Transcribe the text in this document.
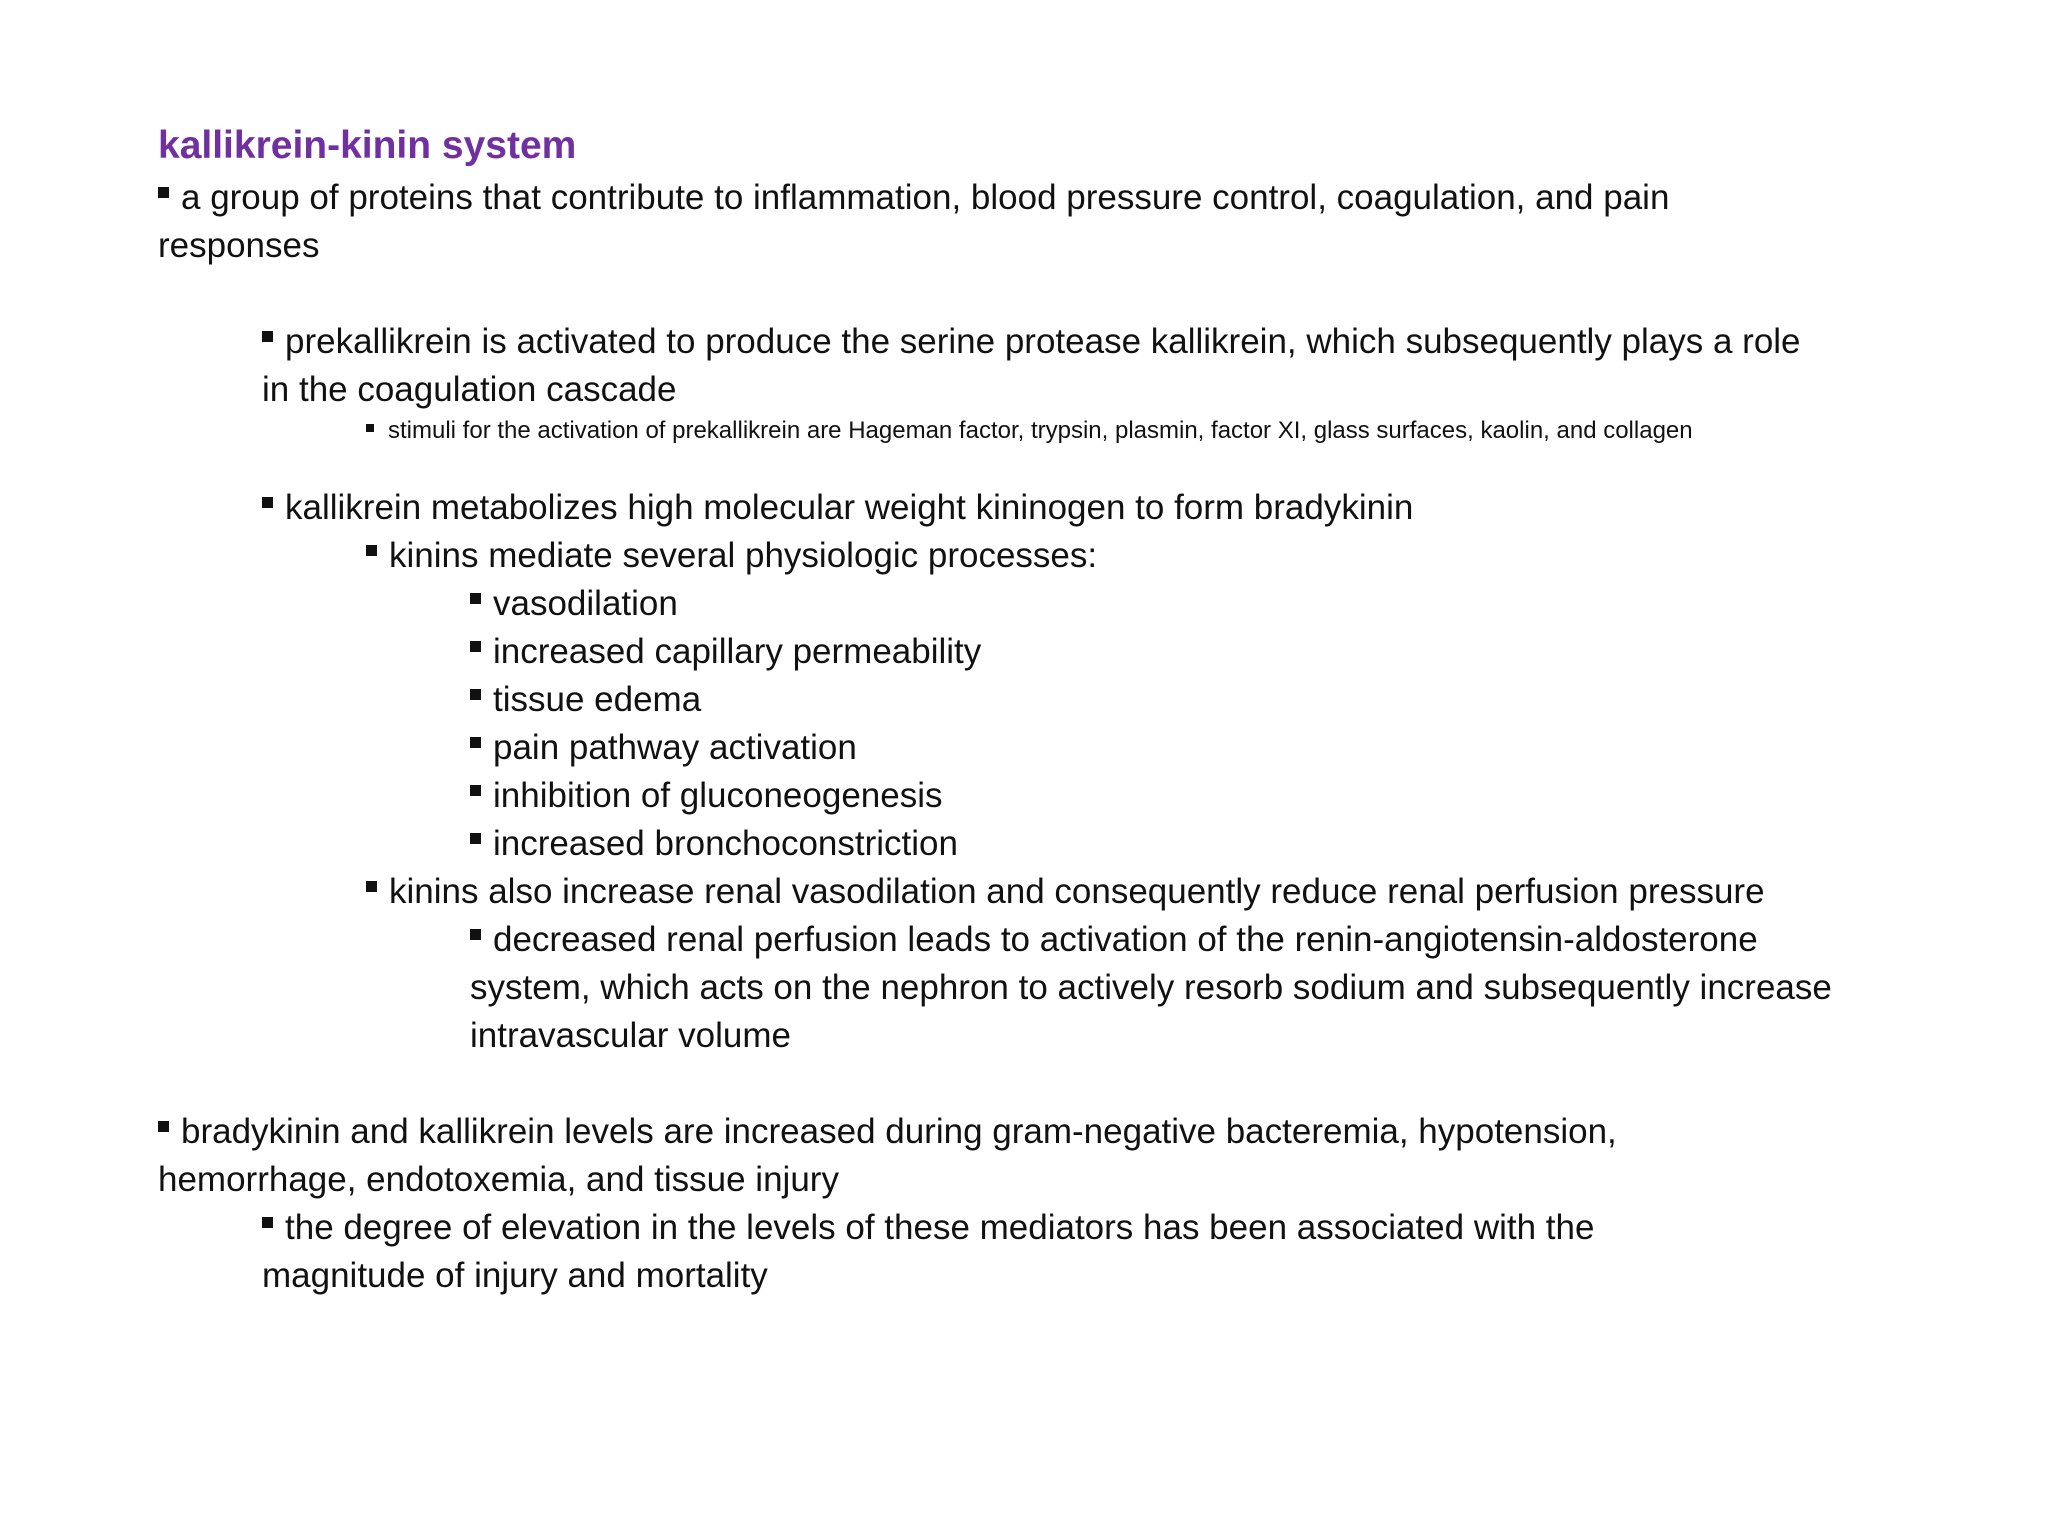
kallikrein-kinin system

a group of proteins that contribute to inflammation, blood pressure control, coagulation, and pain responses

prekallikrein is activated to produce the serine protease kallikrein, which subsequently plays a role in the coagulation cascade

stimuli for the activation of prekallikrein are Hageman factor, trypsin, plasmin, factor XI, glass surfaces, kaolin, and collagen

kallikrein metabolizes high molecular weight kininogen to form bradykinin

kinins mediate several physiologic processes:

vasodilation

increased capillary permeability

tissue edema

pain pathway activation

inhibition of gluconeogenesis

increased bronchoconstriction

kinins also increase renal vasodilation and consequently reduce renal perfusion pressure

decreased renal perfusion leads to activation of the renin-angiotensin-aldosterone system, which acts on the nephron to actively resorb sodium and subsequently increase intravascular volume

bradykinin and kallikrein levels are increased during gram-negative bacteremia, hypotension, hemorrhage, endotoxemia, and tissue injury

the degree of elevation in the levels of these mediators has been associated with the magnitude of injury and mortality
